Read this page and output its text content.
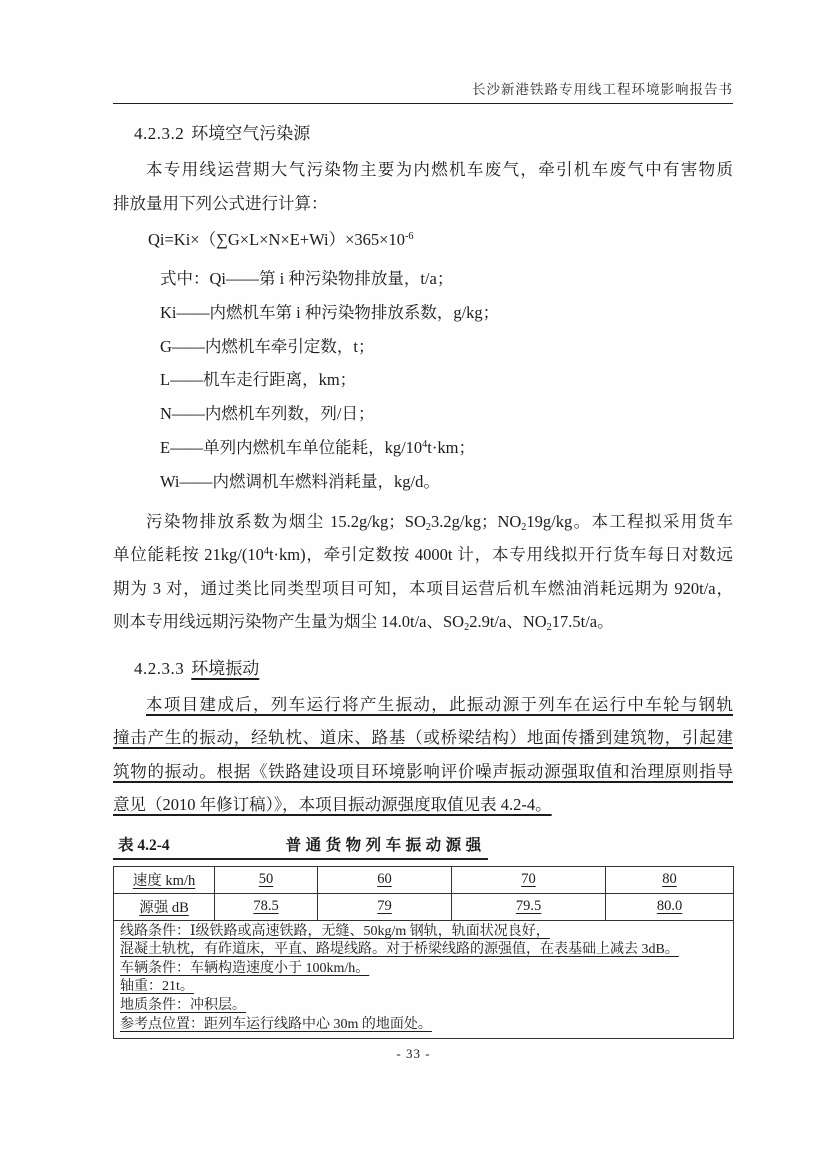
长沙新港铁路专用线工程环境影响报告书
4.2.3.2 环境空气污染源
本专用线运营期大气污染物主要为内燃机车废气，牵引机车废气中有害物质
排放量用下列公式进行计算：
$Qi=Ki\times(\sum G\times L\times N\times E+Wi)\times 365\times 10^{-6}$
式中：Qi——第 i 种污染物排放量，t/a；
Ki——内燃机车第 i 种污染物排放系数，g/kg；
G——内燃机车牵引定数，t；
L——机车走行距离，km；
N——内燃机车列数，列/日；
E——单列内燃机车单位能耗，$kg/10^4t\cdot km$；
Wi——内燃调机车燃料消耗量，kg/d。
污染物排放系数为烟尘 15.2g/kg；$SO_23.2g/kg$；$NO_219g/kg$。本工程拟采用货车
单位能耗按 $21kg/(10^4t\cdot km)$，牵引定数按 4000t 计，本专用线拟开行货车每日对数远
期为 3 对，通过类比同类型项目可知，本项目运营后机车燃油消耗远期为 920t/a，
则本专用线远期污染物产生量为烟尘 14.0t/a、$SO_22.9t/a$、$NO_217.5t/a$。
4.2.3.3 环境振动
本项目建成后，列车运行将产生振动，此振动源于列车在运行中车轮与钢轨
撞击产生的振动，经轨枕、道床、路基（或桥梁结构）地面传播到建筑物，引起建
筑物的振动。根据《铁路建设项目环境影响评价噪声振动源强取值和治理原则指导
意见（2010 年修订稿）》，本项目振动源强度取值见表 4.2-4。
表 4.2-4	普通货物列车振动源强
速度 km/h	50	60	70	80
源强 dB	78.5	79	79.5	80.0

线路条件：Ⅰ级铁路或高速铁路，无缝、50kg/m 钢轨，轨面状况良好，
混凝土轨枕，有砟道床，平直、路堤线路。对于桥梁线路的源强值，在表基础上减去 3dB。
车辆条件：车辆构造速度小于 100km/h。
轴重：21t。
地质条件：冲积层。
参考点位置：距列车运行线路中心 30m 的地面处。
- 33 -
